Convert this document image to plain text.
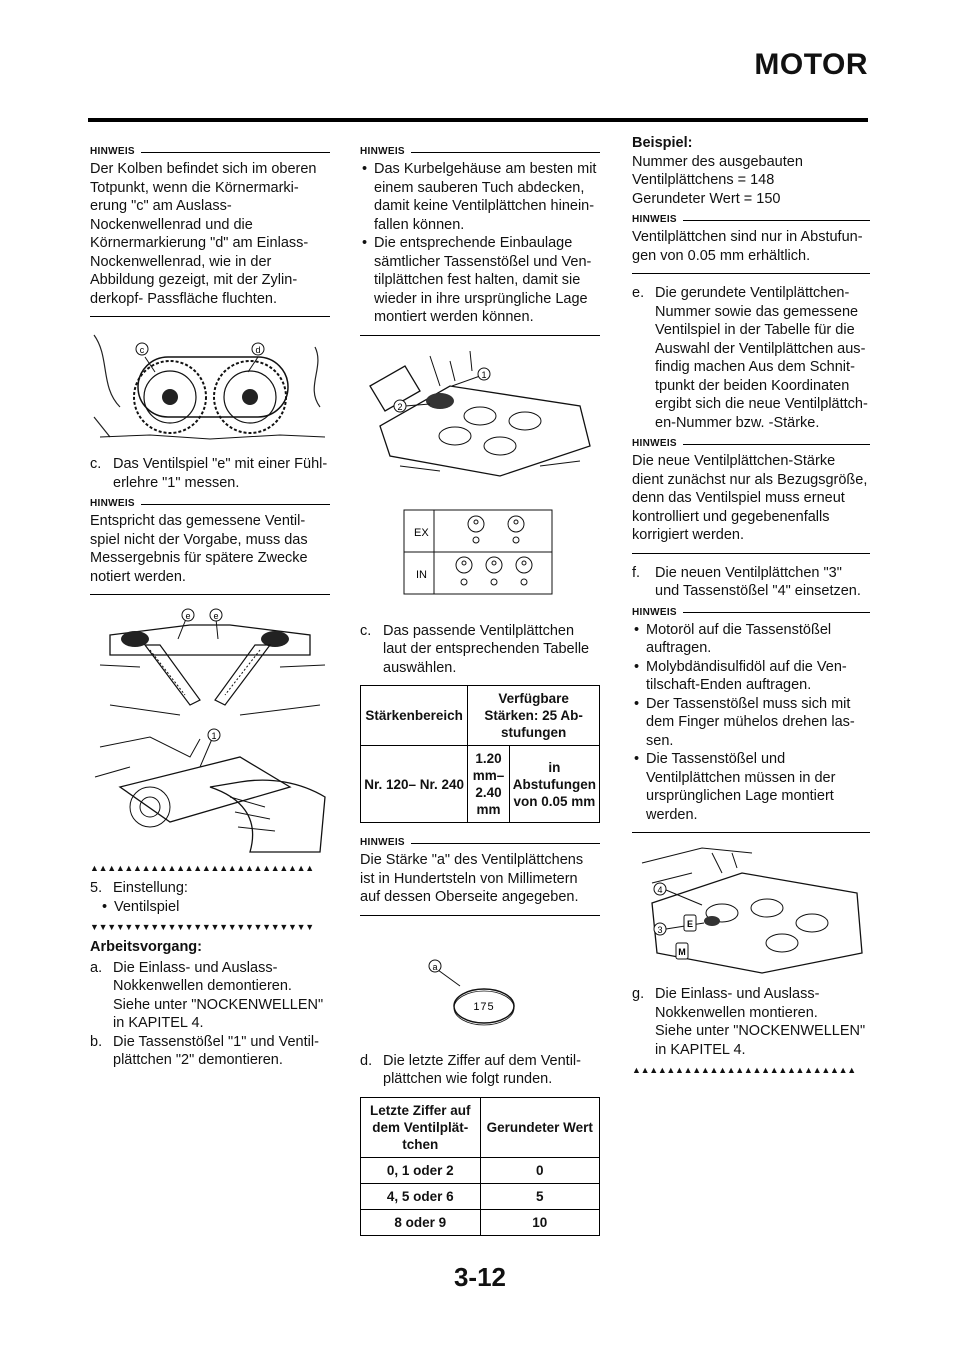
MOTOR
HINWEIS
Der Kolben befindet sich im oberen Totpunkt, wenn die Körnermarkierung "c" am Auslass- Nockenwellenrad und die Körnermarkierung "d" am Einlass- Nockenwellenrad, wie in der Abbildung gezeigt, mit der Zylinderkopf- Passfläche fluchten.
c	d
c. Das Ventilspiel "e" mit einer Fühlerlehre "1" messen.
HINWEIS
Entspricht das gemessene Ventilspiel nicht der Vorgabe, muss das Messergebnis für spätere Zwecke notiert werden.
e	e
1
▲▲▲▲▲▲▲▲▲▲▲▲▲▲▲▲▲▲▲▲▲▲▲▲▲▲
5. Einstellung:
• Ventilspiel
▼▼▼▼▼▼▼▼▼▼▼▼▼▼▼▼▼▼▼▼▼▼▼▼▼▼
Arbeitsvorgang:
a. Die Einlass- und Auslass- Nokkenwellen demontieren.
Siehe unter "NOCKENWELLEN" in KAPITEL 4.
b. Die Tassenstößel "1" und Ventilplättchen "2" demontieren.
HINWEIS
• Das Kurbelgehäuse am besten mit einem sauberen Tuch abdecken, damit keine Ventilplättchen hineinfallen können.
• Die entsprechende Einbaulage sämtlicher Tassenstößel und Ventilplättchen fest halten, damit sie wieder in ihre ursprüngliche Lage montiert werden können.
1
2
EX
IN
c. Das passende Ventilplättchen laut der entsprechenden Tabelle auswählen.
Stärkenbereich	Verfügbare Stärken: 25 Abstufungen	
Nr. 120– Nr. 240	1.20 mm– 2.40 mm	in Abstufungen von 0.05 mm
HINWEIS
Die Stärke "a" des Ventilplättchens ist in Hundertsteln von Millimetern auf dessen Oberseite angegeben.
a
175
d. Die letzte Ziffer auf dem Ventilplättchen wie folgt runden.
Letzte Ziffer auf dem Ventilplättchen	Gerundeter Wert
0, 1 oder 2	0
4, 5 oder 6	5
8 oder 9	10
Beispiel:
Nummer des ausgebauten Ventilplättchens = 148
Gerundeter Wert = 150
HINWEIS
Ventilplättchen sind nur in Abstufungen von 0.05 mm erhältlich.
e. Die gerundete Ventilplättchen-Nummer sowie das gemessene Ventilspiel in der Tabelle für die Auswahl der Ventilplättchen ausfindig machen Aus dem Schnittpunkt der beiden Koordinaten ergibt sich die neue Ventilplättchen-Nummer bzw. -Stärke.
HINWEIS
Die neue Ventilplättchen-Stärke dient zunächst nur als Bezugsgröße, denn das Ventilspiel muss erneut kontrolliert und gegebenenfalls korrigiert werden.
f.	Die neuen Ventilplättchen "3" und Tassenstößel "4" einsetzen.
HINWEIS
• Motoröl auf die Tassenstößel auftragen.
• Molybdändisulfidöl auf die Ventilschaft-Enden auftragen.
• Der Tassenstößel muss sich mit dem Finger mühelos drehen lassen.
• Die Tassenstößel und Ventilplättchen müssen in der ursprünglichen Lage montiert werden.
4
3
E
M
g. Die Einlass- und Auslass- Nokkenwellen montieren.
Siehe unter "NOCKENWELLEN" in KAPITEL 4.
▲▲▲▲▲▲▲▲▲▲▲▲▲▲▲▲▲▲▲▲▲▲▲▲▲▲
3-12
